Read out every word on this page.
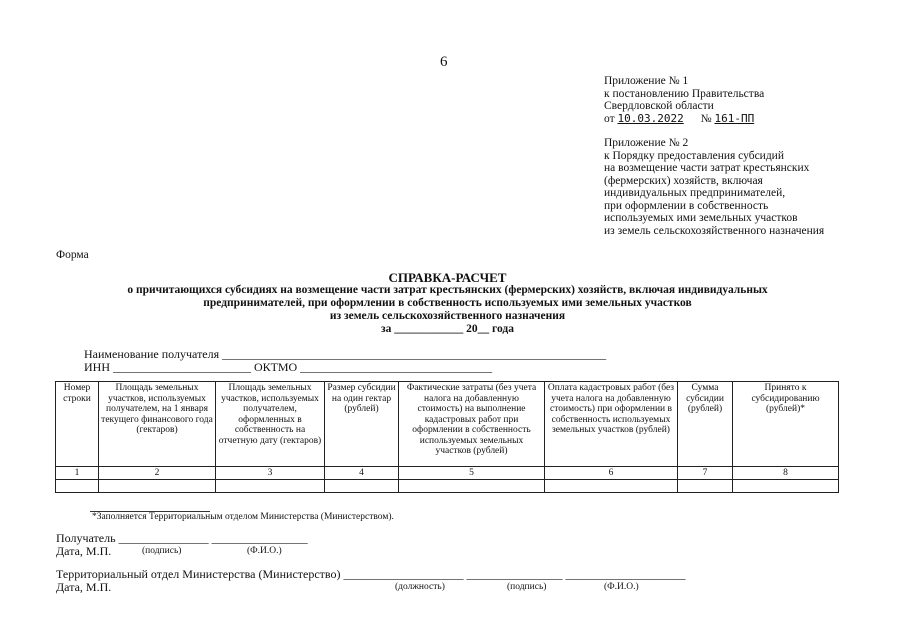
6
Приложение № 1
к постановлению Правительства
Свердловской области
от 10.03.2022 № 161-ПП
Приложение № 2
к Порядку предоставления субсидий
на возмещение части затрат крестьянских
(фермерских) хозяйств, включая
индивидуальных предпринимателей,
при оформлении в собственность
используемых ими земельных участков
из земель сельскохозяйственного назначения
Форма
СПРАВКА-РАСЧЕТ
о причитающихся субсидиях на возмещение части затрат крестьянских (фермерских) хозяйств, включая индивидуальных
предпринимателей, при оформлении в собственность используемых ими земельных участков
из земель сельскохозяйственного назначения
за ____________ 20__ года
Наименование получателя ________________________________________________________________
ИНН _______________________ ОКТМО ________________________________
Номер строки	Площадь земельных участков, используемых получателем, на 1 января текущего финансового года (гектаров)	Площадь земельных участков, используемых получателем, оформленных в собственность на отчетную дату (гектаров)	Размер субсидии на один гектар (рублей)	Фактические затраты (без учета налога на добавленную стоимость) на выполнение кадастровых работ при оформлении в собственность используемых земельных участков (рублей)	Оплата кадастровых работ (без учета налога на добавленную стоимость) при оформлении в собственность используемых земельных участков (рублей)	Сумма субсидии (рублей)	Принято к субсидированию (рублей)*
1	2	3	4	5	6	7	8

*Заполняется Территориальным отделом Министерства (Министерством).
Получатель _______________ ________________
Дата, М.П.	(подпись)	(Ф.И.О.)
Территориальный отдел Министерства (Министерство) ____________________ ________________ ____________________
Дата, М.П.	(должность)	(подпись)	(Ф.И.О.)
